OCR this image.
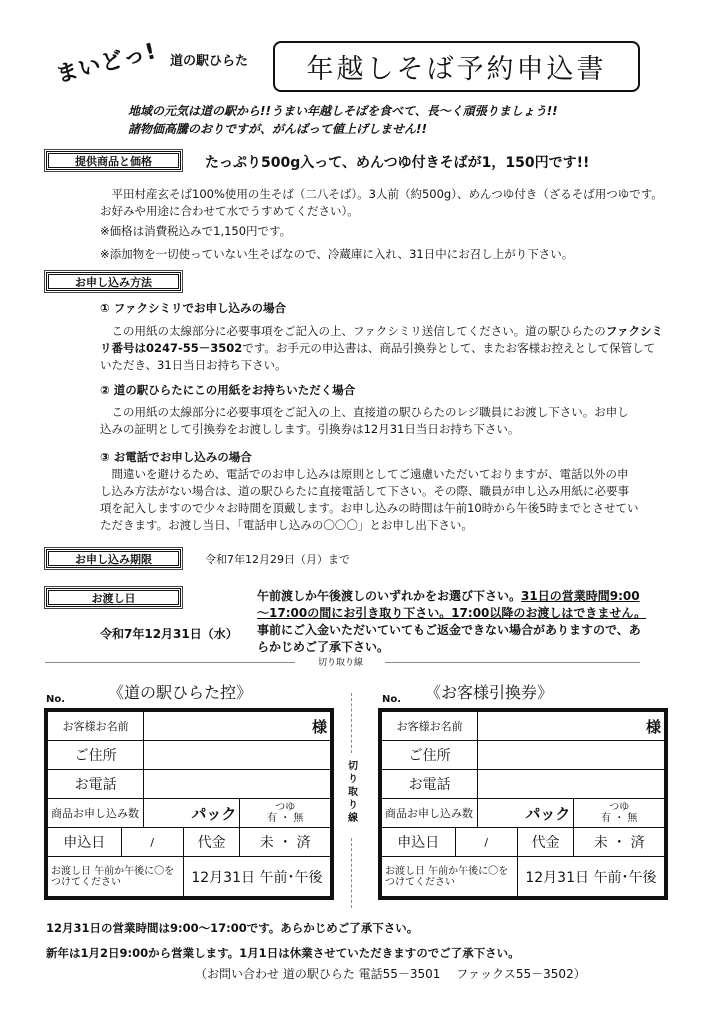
まいどっ! 道の駅ひらた	年越しそば予約申込書
地域の元気は道の駅から!!うまい年越しそばを食べて、長～く頑張りましょう!!
諸物価高騰のおりですが、がんばって値上げしません!!
提供商品と価格	たっぷり500g入って、めんつゆ付きそばが1，150円です!!
平田村産玄そば100%使用の生そば（二八そば）。3人前（約500g）、めんつゆ付き（ざるそば用つゆです。お好みや用途に合わせて水でうすめてください）。
※価格は消費税込みで1,150円です。
※添加物を一切使っていない生そばなので、冷蔵庫に入れ、31日中にお召し上がり下さい。
お申し込み方法
① ファクシミリでお申し込みの場合
この用紙の太線部分に必要事項をご記入の上、ファクシミリ送信してください。道の駅ひらたのファクシミリ番号は0247-55－3502です。お手元の申込書は、商品引換券として、またお客様お控えとして保管していただき、31日当日お持ち下さい。
② 道の駅ひらたにこの用紙をお持ちいただく場合
この用紙の太線部分に必要事項をご記入の上、直接道の駅ひらたのレジ職員にお渡し下さい。お申し込みの証明として引換券をお渡しします。引換券は12月31日当日お持ち下さい。
③ お電話でお申し込みの場合
間違いを避けるため、電話でのお申し込みは原則としてご遠慮いただいておりますが、電話以外の申し込み方法がない場合は、道の駅ひらたに直接電話して下さい。その際、職員が申し込み用紙に必要事項を記入しますので少々お時間を頂戴します。お申し込みの時間は午前10時から午後5時までとさせていただきます。お渡し当日、「電話申し込みの〇〇〇」とお申し出下さい。
お申し込み期限	令和7年12月29日（月）まで
お渡し日
令和7年12月31日（水）
午前渡しか午後渡しのいずれかをお選び下さい。31日の営業時間9:00～17:00の間にお引き取り下さい。17:00以降のお渡しはできません。事前にご入金いただいていてもご返金できない場合がありますので、あらかじめご了承下さい。
切り取り線
切り取り線
《道の駅ひらた控》
No.
お客様お名前		様		
ご住所				
お電話				
商品お申し込み数		パック		つゆ
有 ・ 無

申込日	/		代金	未 ・ 済
お渡し日 午前か午後に〇をつけてください			12月31日 午前･午後	
《お客様引換券》
No.
お客様お名前		様		
ご住所				
お電話				
商品お申し込み数		パック		つゆ
有 ・ 無

申込日	/		代金	未 ・ 済
お渡し日 午前か午後に〇をつけてください			12月31日 午前･午後	
12月31日の営業時間は9:00～17:00です。あらかじめご了承下さい。
新年は1月2日9:00から営業します。1月1日は休業させていただきますのでご了承下さい。
（お問い合わせ 道の駅ひらた 電話55－3501　 ファックス55－3502）
